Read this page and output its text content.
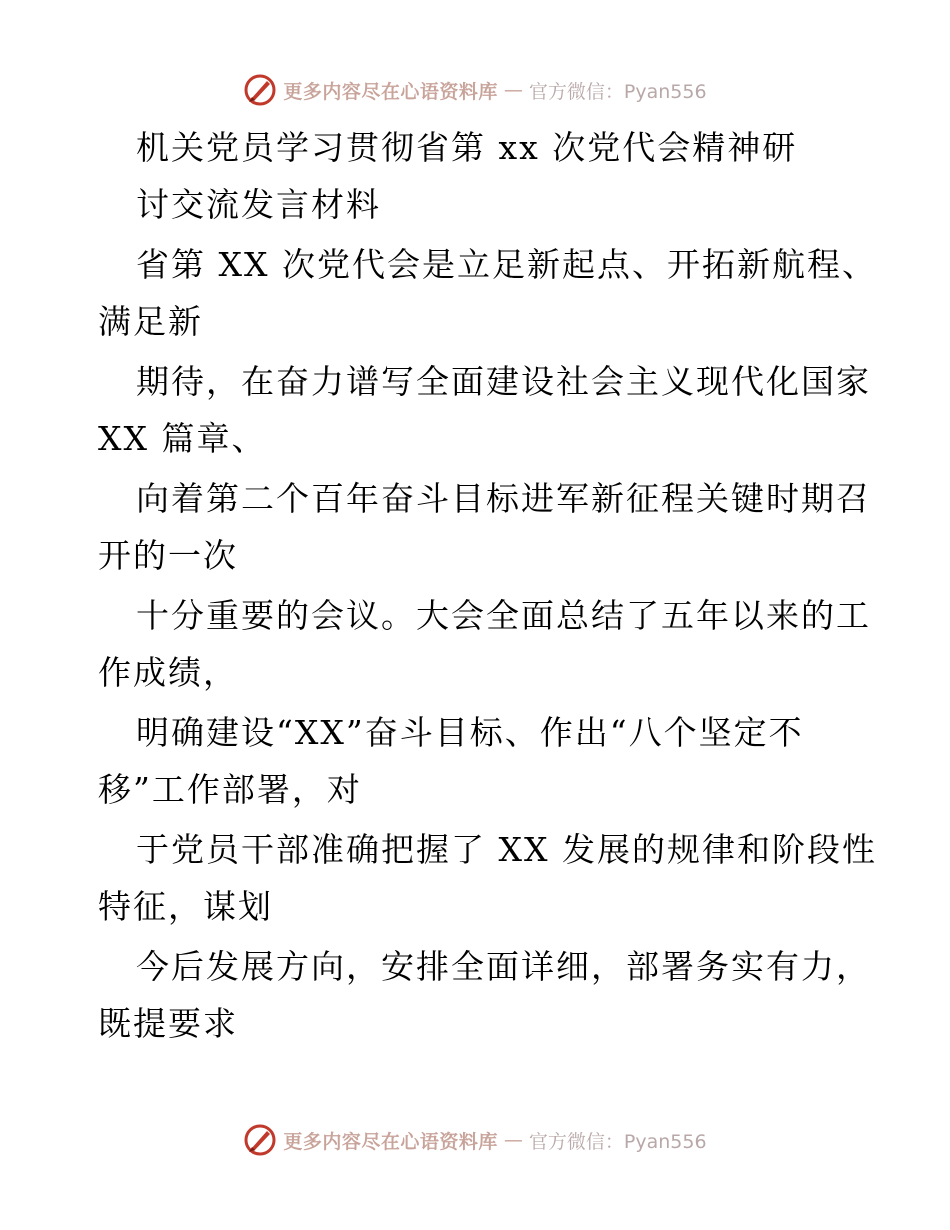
更多内容尽在心语资料库 — 官方微信：Pyan556
机关党员学习贯彻省第 xx 次党代会精神研
讨交流发言材料
省第 XX 次党代会是立足新起点、开拓新航程、
满足新
期待，在奋力谱写全面建设社会主义现代化国家
XX 篇章、
向着第二个百年奋斗目标进军新征程关键时期召
开的一次
十分重要的会议。大会全面总结了五年以来的工
作成绩，
明确建设“XX”奋斗目标、作出“八个坚定不
移”工作部署，对
于党员干部准确把握了 XX 发展的规律和阶段性
特征，谋划
今后发展方向，安排全面详细，部署务实有力，
既提要求
更多内容尽在心语资料库 — 官方微信：Pyan556
